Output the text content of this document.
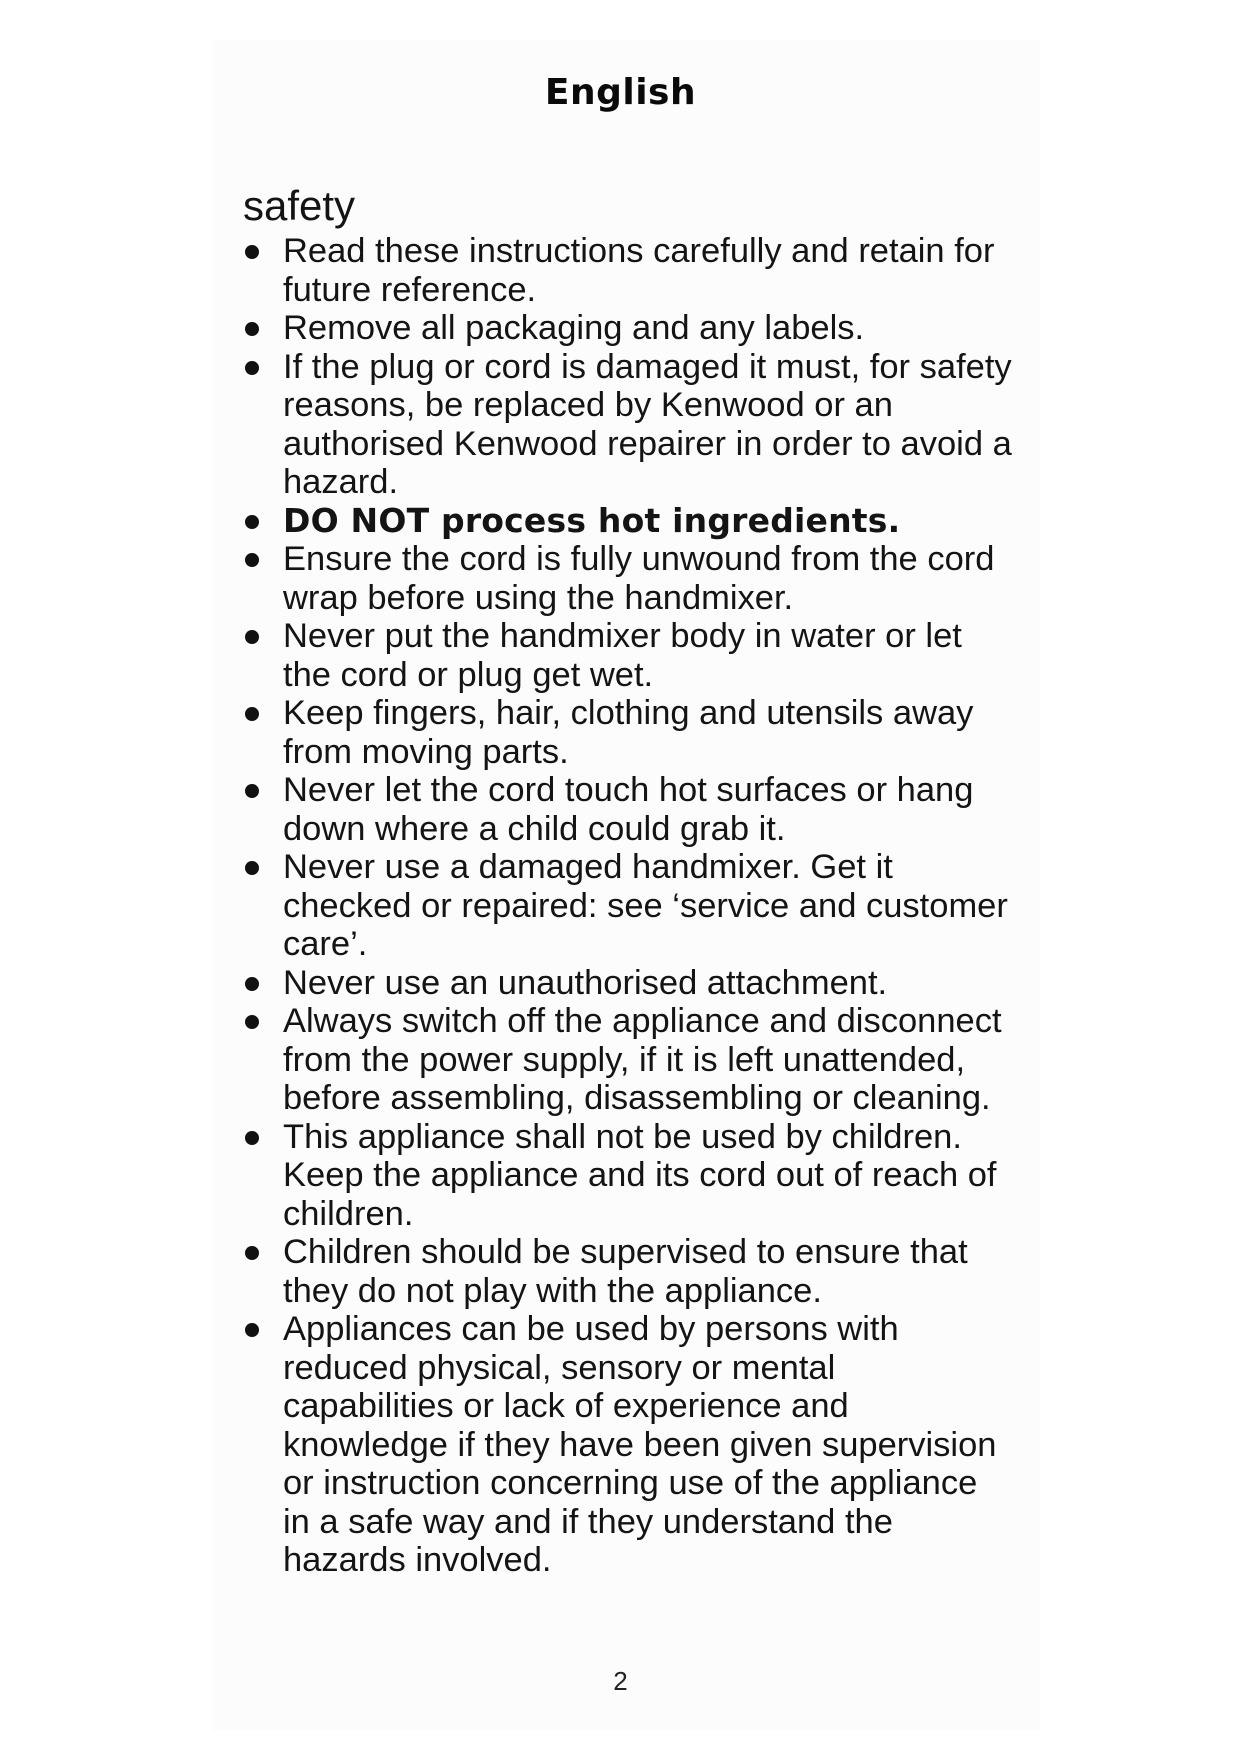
English
safety
Read these instructions carefully and retain for future reference.
Remove all packaging and any labels.
If the plug or cord is damaged it must, for safety reasons, be replaced by Kenwood or an authorised Kenwood repairer in order to avoid a hazard.
DO NOT process hot ingredients.
Ensure the cord is fully unwound from the cord wrap before using the handmixer.
Never put the handmixer body in water or let the cord or plug get wet.
Keep fingers, hair, clothing and utensils away from moving parts.
Never let the cord touch hot surfaces or hang down where a child could grab it.
Never use a damaged handmixer. Get it checked or repaired: see ‘service and customer care’.
Never use an unauthorised attachment.
Always switch off the appliance and disconnect from the power supply, if it is left unattended, before assembling, disassembling or cleaning.
This appliance shall not be used by children. Keep the appliance and its cord out of reach of children.
Children should be supervised to ensure that they do not play with the appliance.
Appliances can be used by persons with reduced physical, sensory or mental capabilities or lack of experience and knowledge if they have been given supervision or instruction concerning use of the appliance in a safe way and if they understand the hazards involved.
2
